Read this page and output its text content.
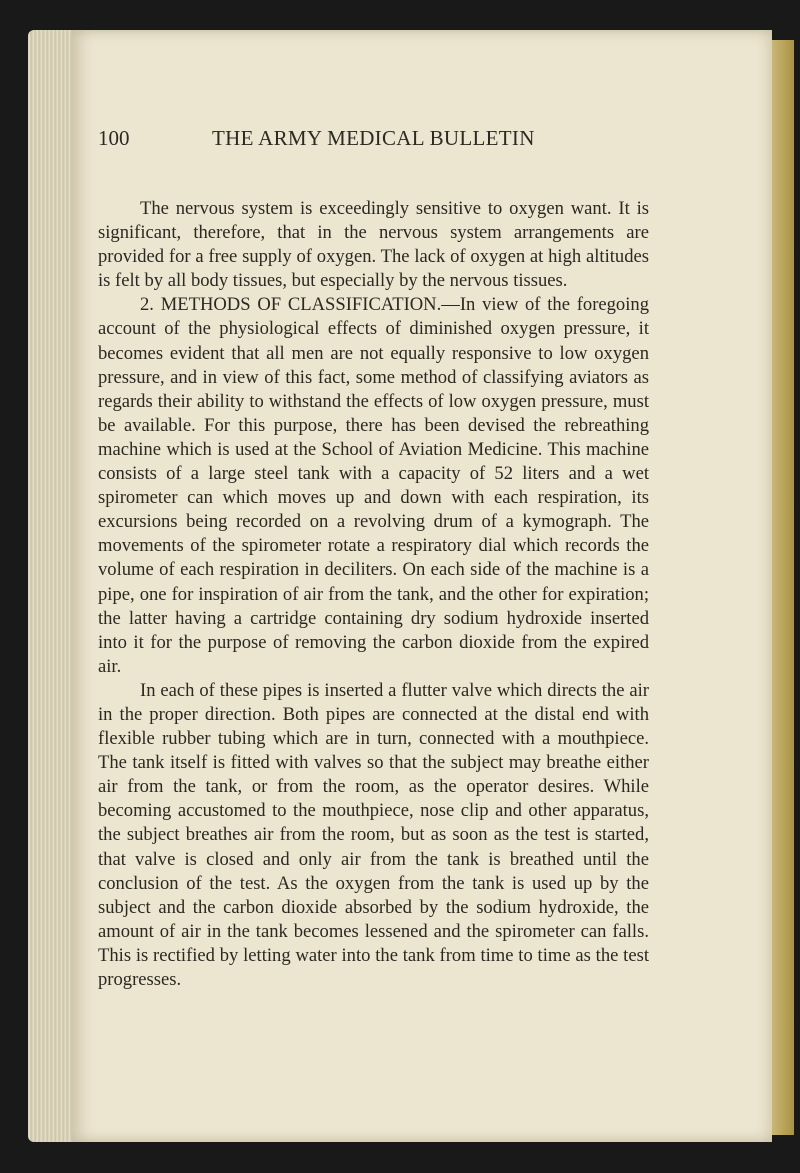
100	THE ARMY MEDICAL BULLETIN

The nervous system is exceedingly sensitive to oxygen want. It is significant, therefore, that in the nervous system arrangements are provided for a free supply of oxygen. The lack of oxygen at high altitudes is felt by all body tissues, but especially by the nervous tissues.

2. METHODS OF CLASSIFICATION.—In view of the foregoing account of the physiological effects of diminished oxygen pressure, it becomes evident that all men are not equally responsive to low oxygen pressure, and in view of this fact, some method of classifying aviators as regards their ability to withstand the effects of low oxygen pressure, must be available. For this purpose, there has been devised the rebreathing machine which is used at the School of Aviation Medicine. This machine consists of a large steel tank with a capacity of 52 liters and a wet spirometer can which moves up and down with each respiration, its excursions being recorded on a revolving drum of a kymograph. The movements of the spirometer rotate a respiratory dial which records the volume of each respiration in deciliters. On each side of the machine is a pipe, one for inspiration of air from the tank, and the other for expiration; the latter having a cartridge containing dry sodium hydroxide inserted into it for the purpose of removing the carbon dioxide from the expired air.

In each of these pipes is inserted a flutter valve which directs the air in the proper direction. Both pipes are connected at the distal end with flexible rubber tubing which are in turn, connected with a mouthpiece. The tank itself is fitted with valves so that the subject may breathe either air from the tank, or from the room, as the operator desires. While becoming accustomed to the mouthpiece, nose clip and other apparatus, the subject breathes air from the room, but as soon as the test is started, that valve is closed and only air from the tank is breathed until the conclusion of the test. As the oxygen from the tank is used up by the subject and the carbon dioxide absorbed by the sodium hydroxide, the amount of air in the tank becomes lessened and the spirometer can falls. This is rectified by letting water into the tank from time to time as the test progresses.
